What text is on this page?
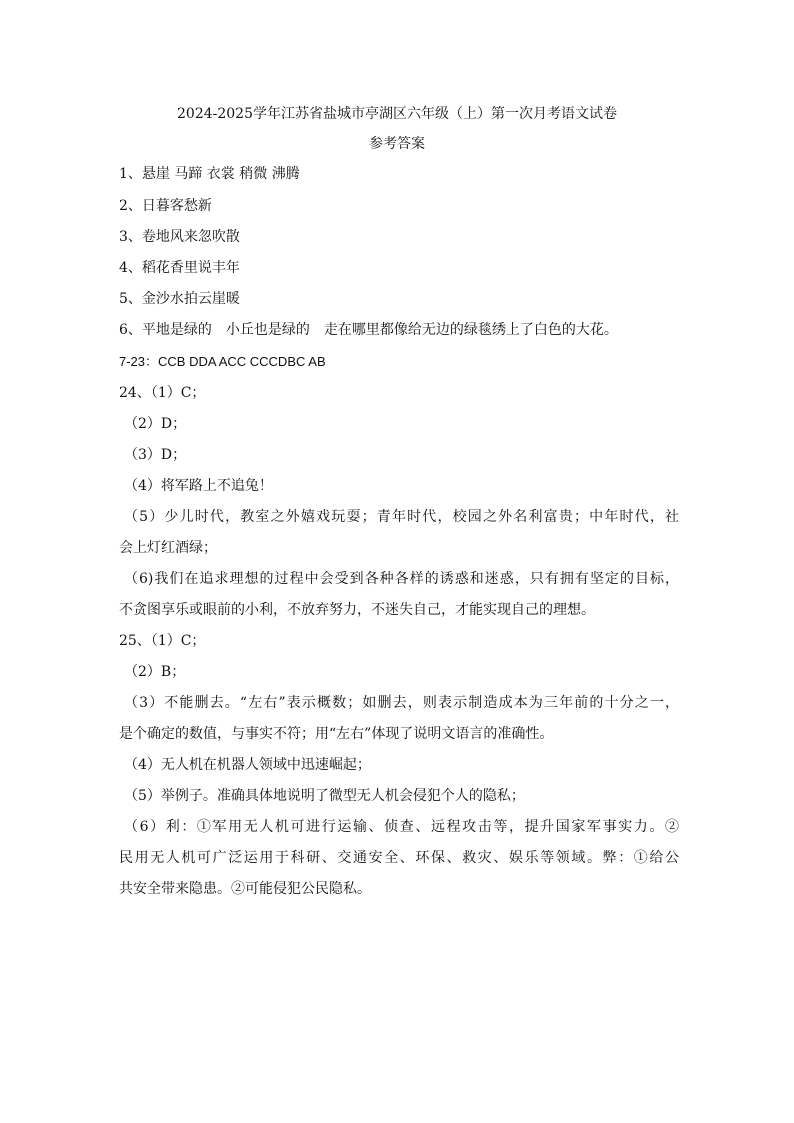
2024-2025学年江苏省盐城市亭湖区六年级（上）第一次月考语文试卷
参考答案
1、悬崖 马蹄 衣裳 稍微 沸腾
2、日暮客愁新
3、卷地风来忽吹散
4、稻花香里说丰年
5、金沙水拍云崖暖
6、平地是绿的　小丘也是绿的　走在哪里都像给无边的绿毯绣上了白色的大花。
7-23：CCB DDA ACC CCCDBC AB
24、（1）C；
（2）D；
（3）D；
（4）将军路上不追兔！
（5）少儿时代，教室之外嬉戏玩耍；青年时代，校园之外名利富贵；中年时代，社
会上灯红酒绿；
（6)我们在追求理想的过程中会受到各种各样的诱惑和迷惑，只有拥有坚定的目标，
不贪图享乐或眼前的小利，不放弃努力，不迷失自己，才能实现自己的理想。
25、（1）C；
（2）B；
（3）不能删去。“左右”表示概数；如删去，则表示制造成本为三年前的十分之一，
是个确定的数值，与事实不符；用“左右”体现了说明文语言的准确性。
（4）无人机在机器人领域中迅速崛起；
（5）举例子。准确具体地说明了微型无人机会侵犯个人的隐私；
（6）利：①军用无人机可进行运输、侦查、远程攻击等，提升国家军事实力。②
民用无人机可广泛运用于科研、交通安全、环保、救灾、娱乐等领域。弊：①给公
共安全带来隐患。②可能侵犯公民隐私。
